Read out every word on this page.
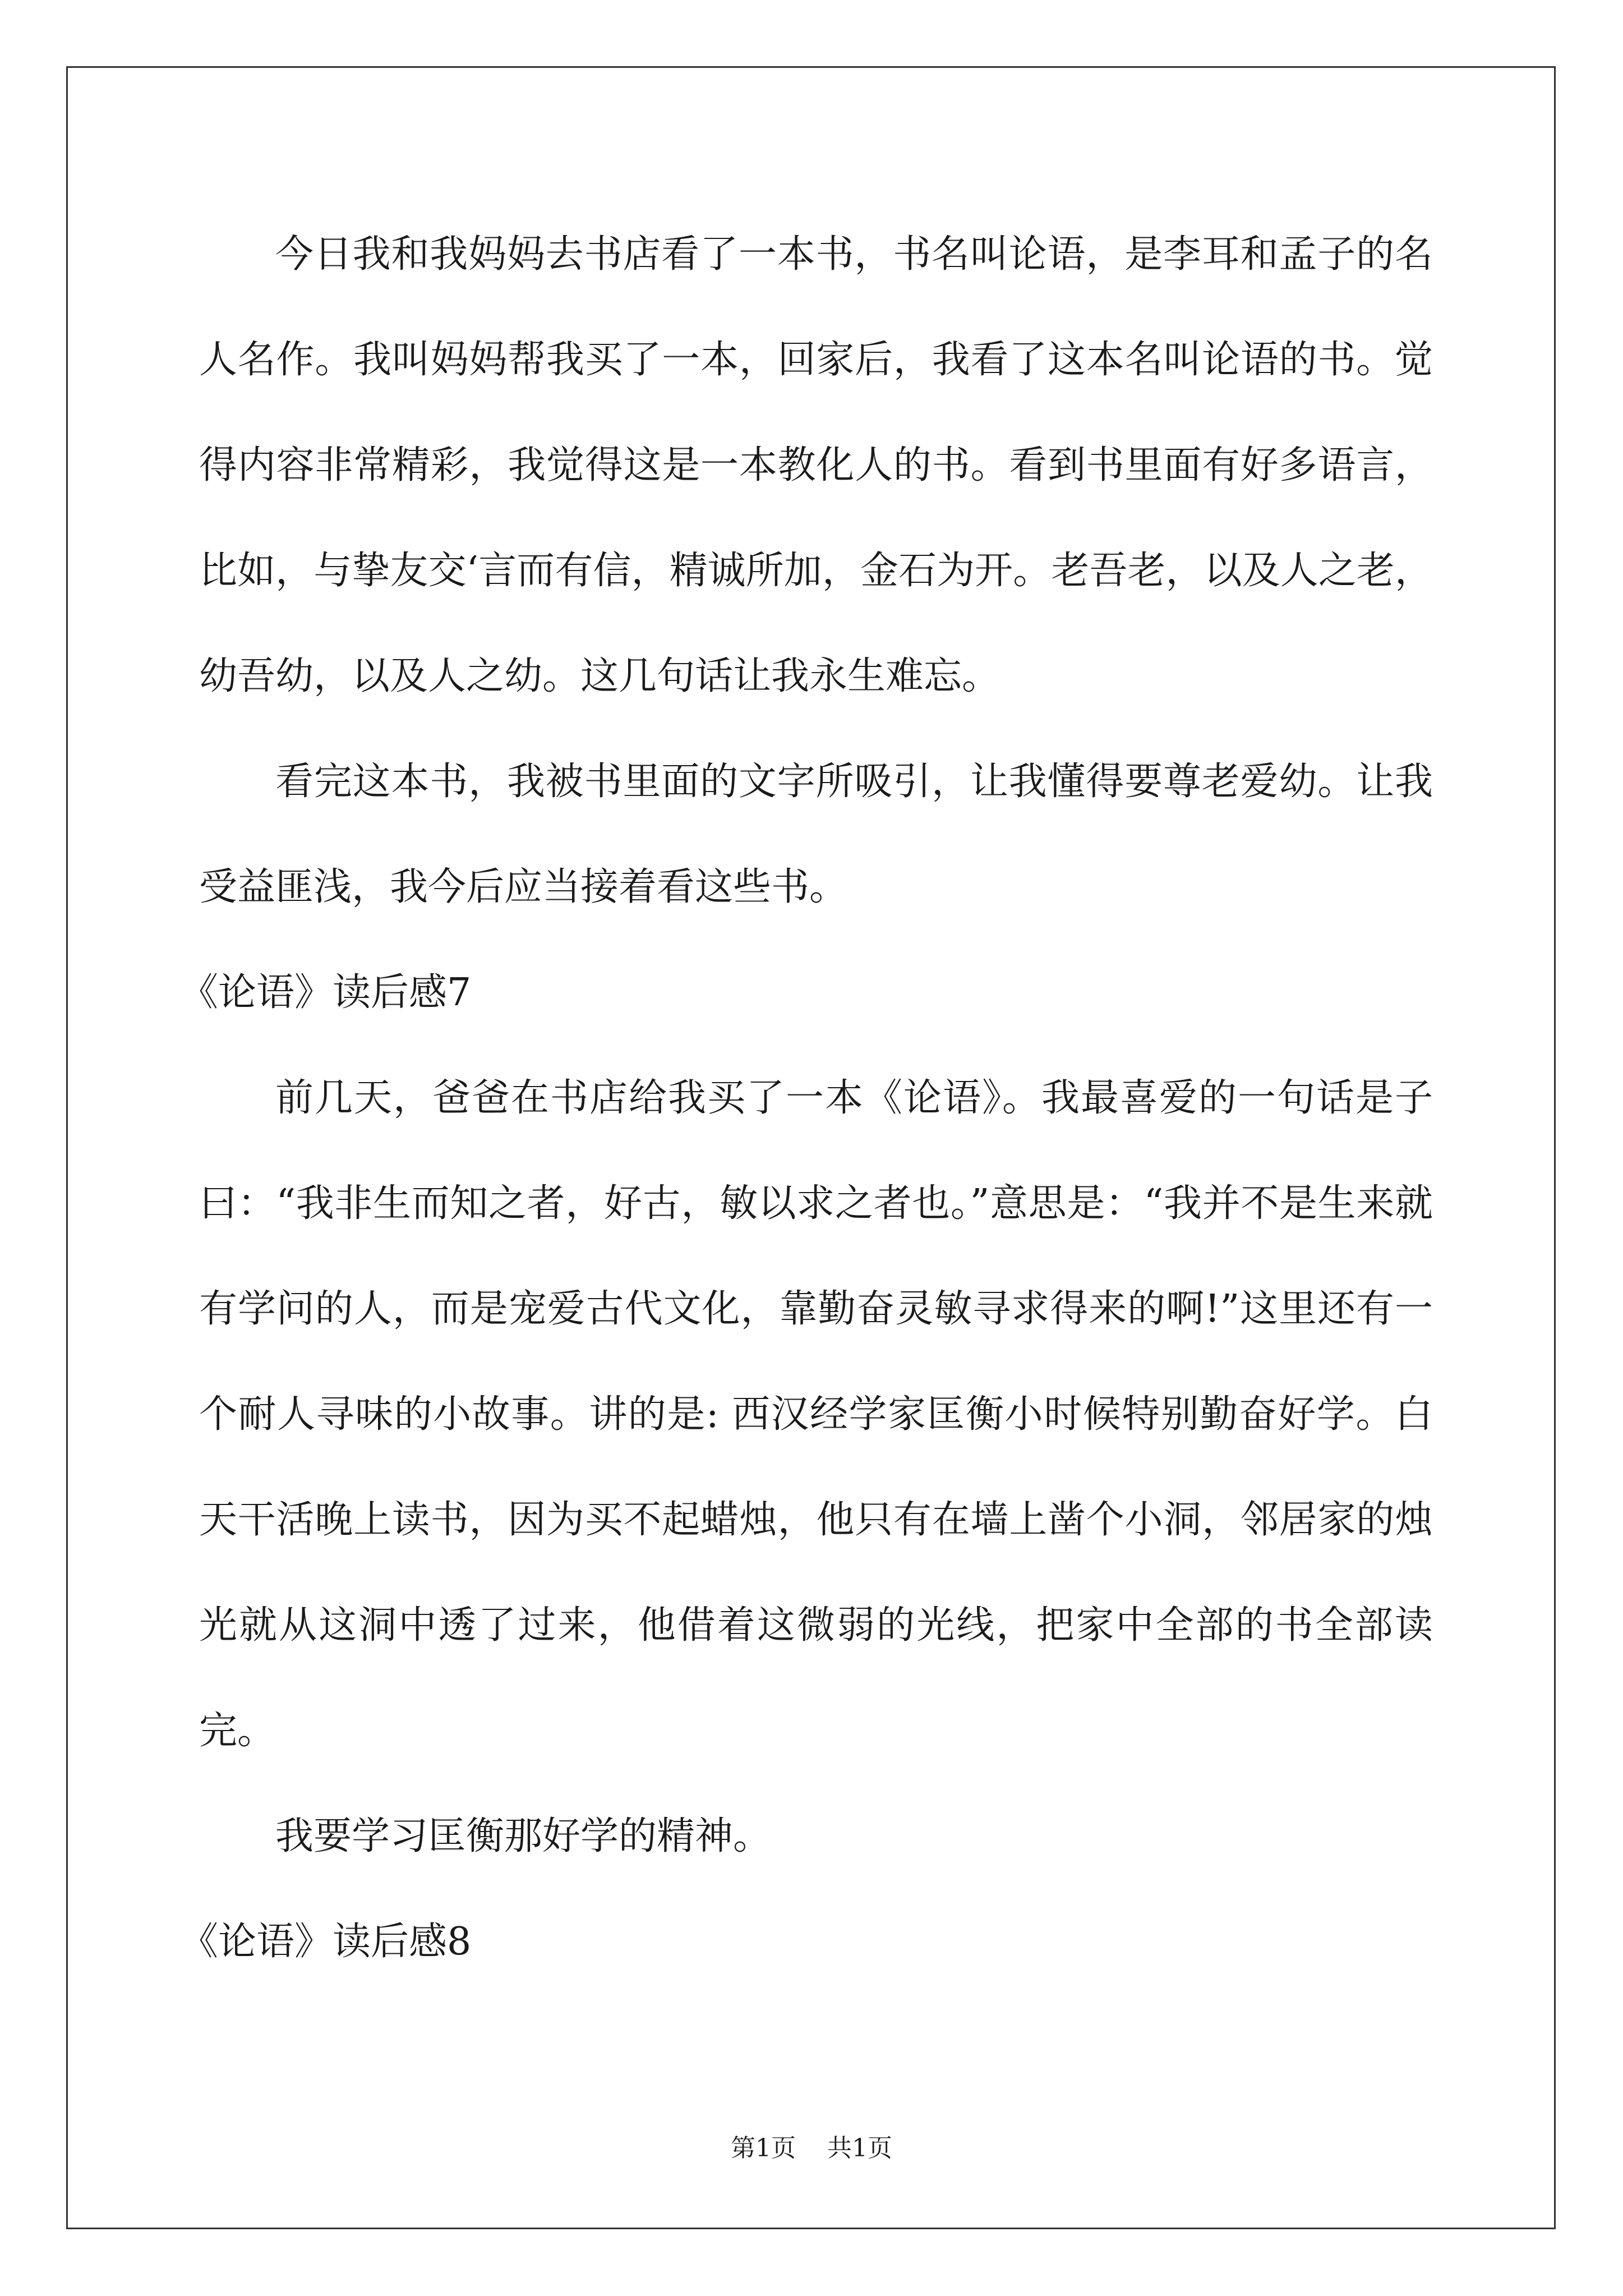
今日我和我妈妈去书店看了一本书，书名叫论语，是李耳和孟子的名人名作。我叫妈妈帮我买了一本，回家后，我看了这本名叫论语的书。觉得内容非常精彩，我觉得这是一本教化人的书。看到书里面有好多语言，比如，与挚友交‘言而有信，精诚所加，金石为开。老吾老，以及人之老，幼吾幼，以及人之幼。这几句话让我永生难忘。

看完这本书，我被书里面的文字所吸引，让我懂得要尊老爱幼。让我受益匪浅，我今后应当接着看这些书。

《论语》读后感7

前几天，爸爸在书店给我买了一本《论语》。我最喜爱的一句话是子曰：“我非生而知之者，好古，敏以求之者也。”意思是：“我并不是生来就有学问的人，而是宠爱古代文化，靠勤奋灵敏寻求得来的啊!”这里还有一个耐人寻味的小故事。讲的是: 西汉经学家匡衡小时候特别勤奋好学。白天干活晚上读书，因为买不起蜡烛，他只有在墙上凿个小洞，邻居家的烛光就从这洞中透了过来，他借着这微弱的光线，把家中全部的书全部读完。

我要学习匡衡那好学的精神。

《论语》读后感8

第1页 共1页
